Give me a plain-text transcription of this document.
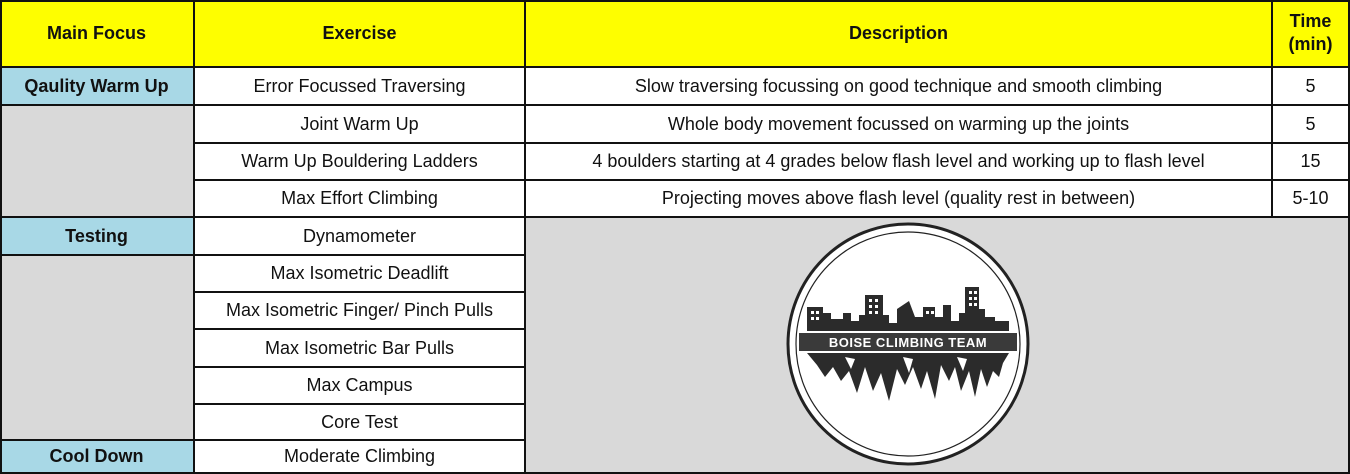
Main Focus	Exercise	Description
Time
(min)
Qaulity Warm Up
Testing
Cool Down
Error Focussed Traversing
Joint Warm Up
Warm Up Bouldering Ladders
Max Effort Climbing
Dynamometer
Max Isometric Deadlift
Max Isometric Finger/ Pinch Pulls
Max Isometric Bar Pulls
Max Campus
Core Test
Moderate Climbing
Slow traversing focussing on good technique and smooth climbing
Whole body movement focussed on warming up the joints
4 boulders starting at 4 grades below flash level and working up to flash level
Projecting moves above flash level (quality rest in between)
5
5
15
5-10
BOISE CLIMBING TEAM
